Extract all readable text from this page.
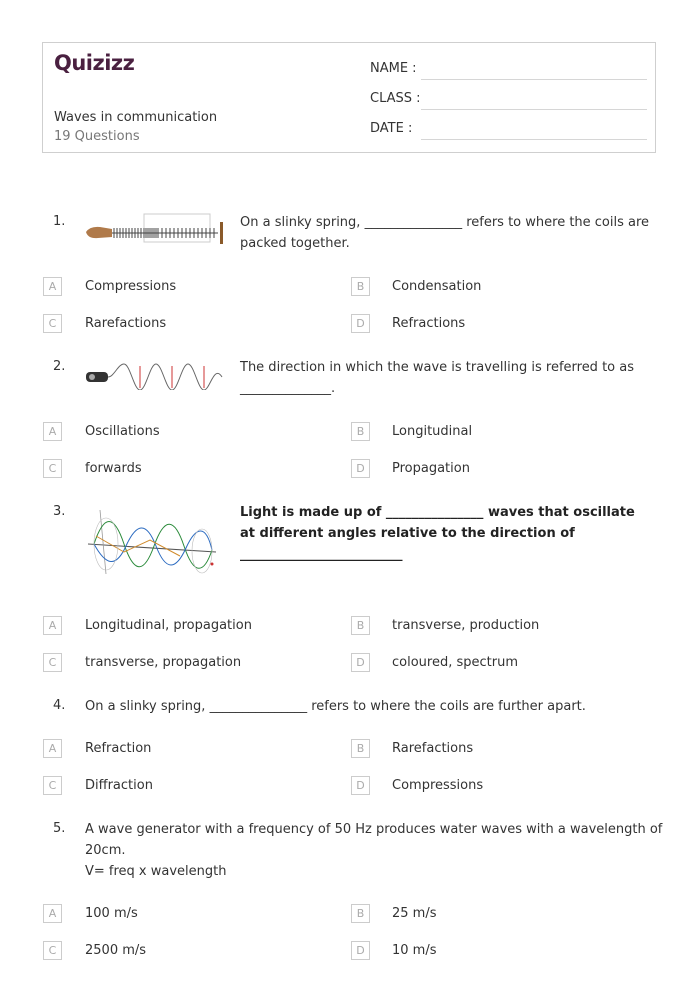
Quizizz
Waves in communication
19 Questions
NAME :
CLASS :
DATE :
1.	On a slinky spring, _______________ refers to where the coils are packed together.
A	Compressions	B	Condensation
C	Rarefactions	D	Refractions
2.	The direction in which the wave is travelling is referred to as ______________.
A	Oscillations	B	Longitudinal
C	forwards	D	Propagation
3.	Light is made up of _______________ waves that oscillate at different angles relative to the direction of _________________________
A	Longitudinal, propagation	B	transverse, production
C	transverse, propagation	D	coloured, spectrum
4. On a slinky spring, _______________ refers to where the coils are further apart.
A	Refraction	B	Rarefactions
C	Diffraction	D	Compressions
5. A wave generator with a frequency of 50 Hz produces water waves with a wavelength of 20cm.
V= freq x wavelength
A	100 m/s	B	25 m/s
C	2500 m/s	D	10 m/s
